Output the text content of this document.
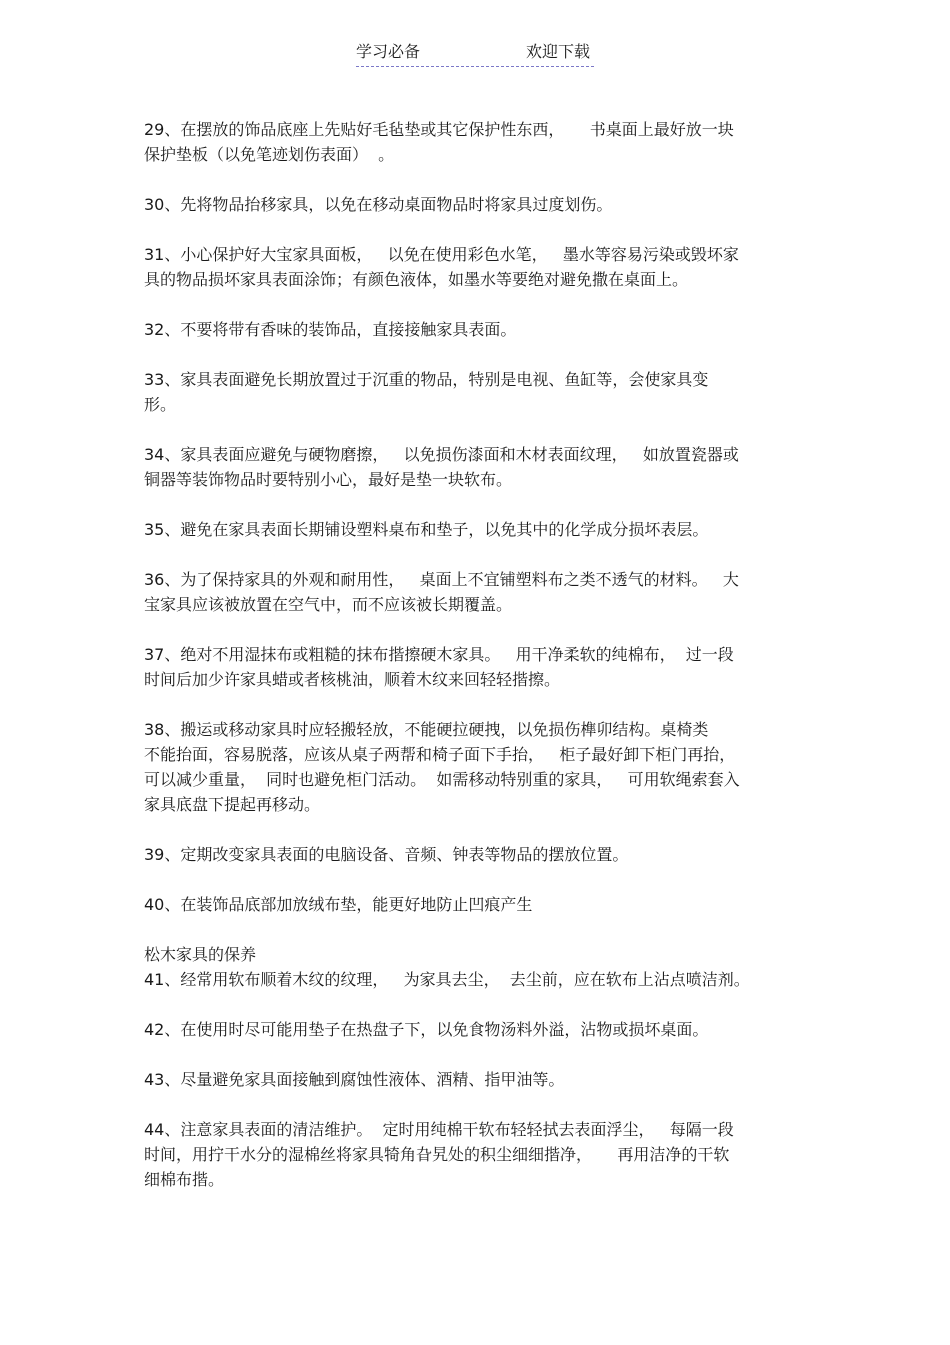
学习必备	欢迎下载
29、在摆放的饰品底座上先贴好毛毡垫或其它保护性东西，     书桌面上最好放一块
保护垫板（以免笔迹划伤表面）  。
30、先将物品抬移家具，以免在移动桌面物品时将家具过度划伤。
31、小心保护好大宝家具面板，   以免在使用彩色水笔，   墨水等容易污染或毁坏家
具的物品损坏家具表面涂饰；有颜色液体，如墨水等要绝对避免撒在桌面上。
32、不要将带有香味的装饰品，直接接触家具表面。
33、家具表面避免长期放置过于沉重的物品，特别是电视、鱼缸等，会使家具变
形。
34、家具表面应避免与硬物磨擦，   以免损伤漆面和木材表面纹理，   如放置瓷器或
铜器等装饰物品时要特别小心，最好是垫一块软布。
35、避免在家具表面长期铺设塑料桌布和垫子，以免其中的化学成分损坏表层。
36、为了保持家具的外观和耐用性，   桌面上不宜铺塑料布之类不透气的材料。   大
宝家具应该被放置在空气中，而不应该被长期覆盖。
37、绝对不用湿抹布或粗糙的抹布揩擦硬木家具。   用干净柔软的纯棉布，  过一段
时间后加少许家具蜡或者核桃油，顺着木纹来回轻轻揩擦。
38、搬运或移动家具时应轻搬轻放，不能硬拉硬拽，以免损伤榫卯结构。桌椅类
不能抬面，容易脱落，应该从桌子两帮和椅子面下手抬，   柜子最好卸下柜门再抬，
可以减少重量，  同时也避免柜门活动。  如需移动特别重的家具，   可用软绳索套入
家具底盘下提起再移动。
39、定期改变家具表面的电脑设备、音频、钟表等物品的摆放位置。
40、在装饰品底部加放绒布垫，能更好地防止凹痕产生
松木家具的保养
41、经常用软布顺着木纹的纹理，   为家具去尘，  去尘前，应在软布上沾点喷洁剂。
42、在使用时尽可能用垫子在热盘子下，以免食物汤料外溢，沾物或损坏桌面。
43、尽量避免家具面接触到腐蚀性液体、酒精、指甲油等。
44、注意家具表面的清洁维护。  定时用纯棉干软布轻轻拭去表面浮尘，   每隔一段
时间，用拧干水分的湿棉丝将家具犄角旮旯处的积尘细细揩净，     再用洁净的干软
细棉布揩。
